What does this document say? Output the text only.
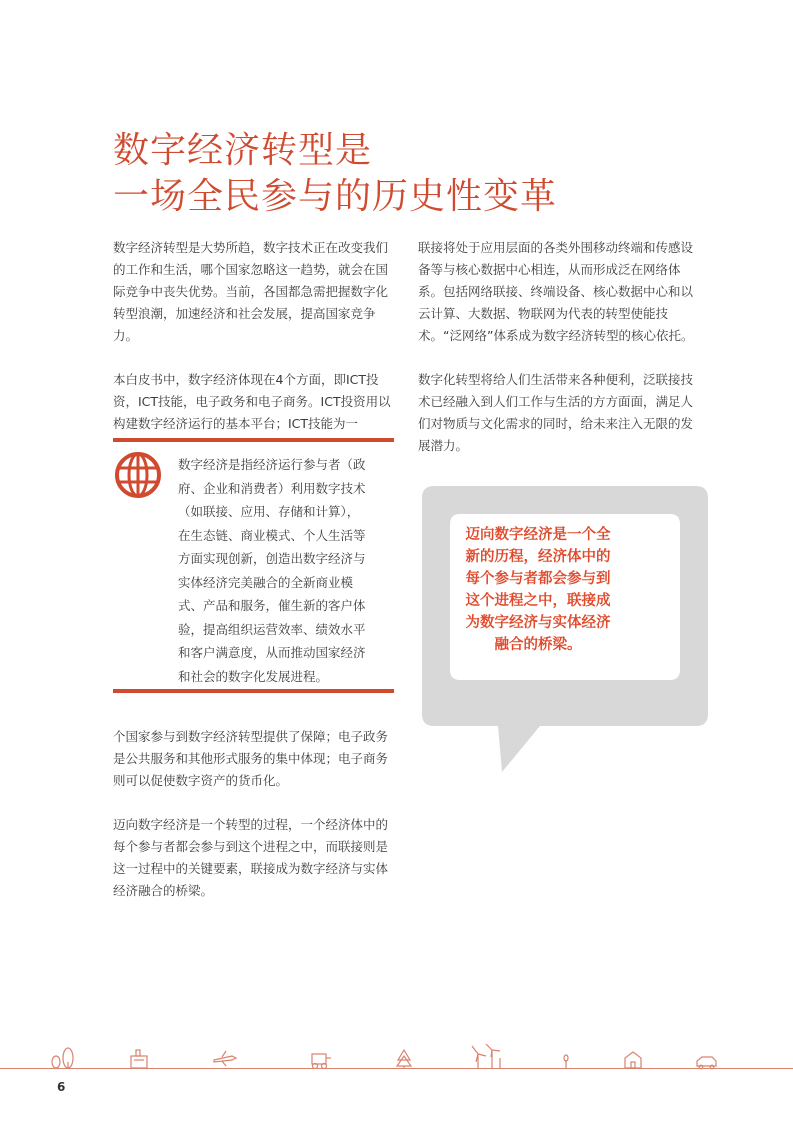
数字经济转型是
一场全民参与的历史性变革

数字经济转型是大势所趋，数字技术正在改变我们的工作和生活，哪个国家忽略这一趋势，就会在国际竞争中丧失优势。当前，各国都急需把握数字化转型浪潮，加速经济和社会发展，提高国家竞争力。

本白皮书中，数字经济体现在4个方面，即ICT投资，ICT技能，电子政务和电子商务。ICT投资用以构建数字经济运行的基本平台；ICT技能为一

数字经济是指经济运行参与者（政
府、企业和消费者）利用数字技术
（如联接、应用、存储和计算），
在生态链、商业模式、个人生活等
方面实现创新，创造出数字经济与
实体经济完美融合的全新商业模
式、产品和服务，催生新的客户体
验，提高组织运营效率、绩效水平
和客户满意度，从而推动国家经济
和社会的数字化发展进程。

个国家参与到数字经济转型提供了保障；电子政务是公共服务和其他形式服务的集中体现；电子商务则可以促使数字资产的货币化。

迈向数字经济是一个转型的过程，一个经济体中的每个参与者都会参与到这个进程之中，而联接则是这一过程中的关键要素，联接成为数字经济与实体经济融合的桥梁。

联接将处于应用层面的各类外围移动终端和传感设备等与核心数据中心相连，从而形成泛在网络体系。包括网络联接、终端设备、核心数据中心和以云计算、大数据、物联网为代表的转型使能技术。“泛网络”体系成为数字经济转型的核心依托。

数字化转型将给人们生活带来各种便利，泛联接技术已经融入到人们工作与生活的方方面面，满足人们对物质与文化需求的同时，给未来注入无限的发展潜力。

迈向数字经济是一个全
新的历程，经济体中的
每个参与者都会参与到
这个进程之中，联接成
为数字经济与实体经济
融合的桥梁。
6
